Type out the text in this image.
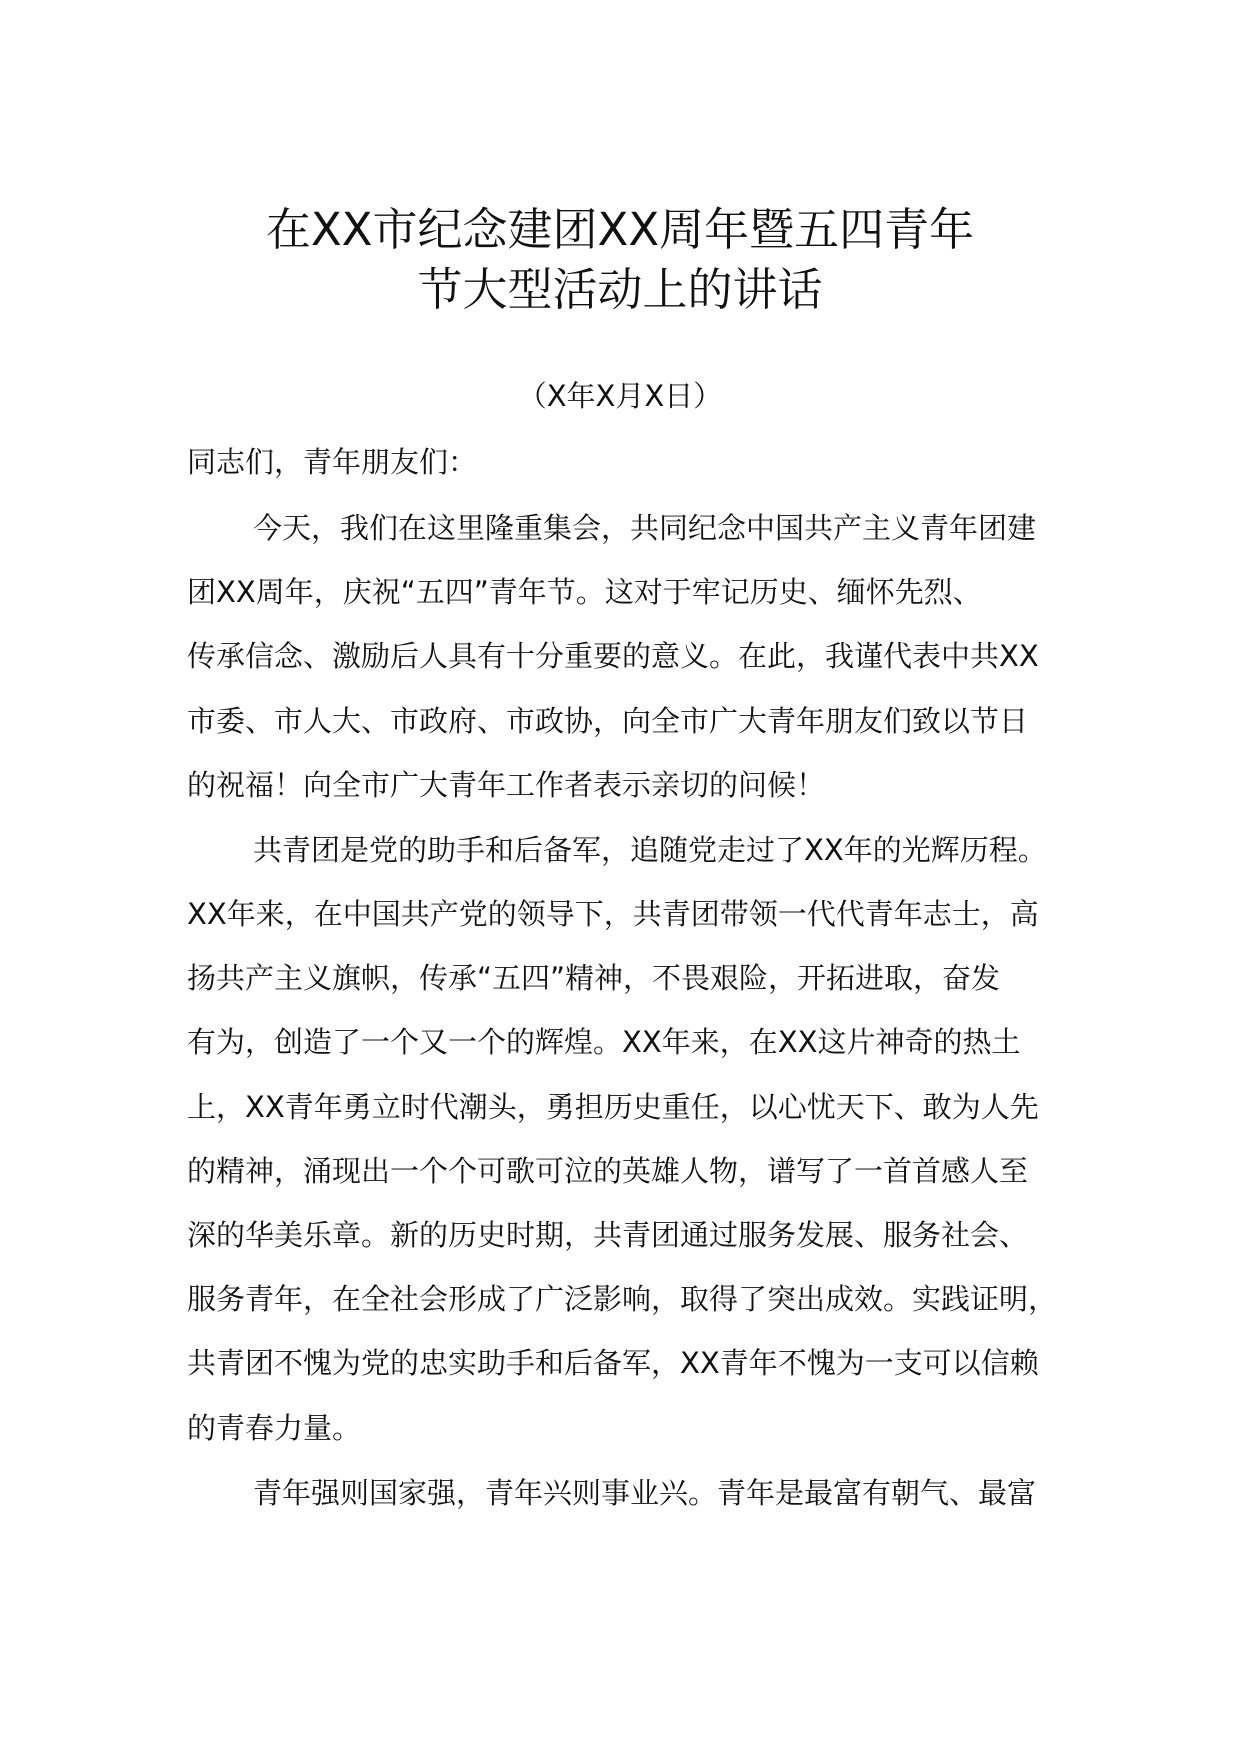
在XX市纪念建团XX周年暨五四青年
节大型活动上的讲话
（X年X月X日）
同志们，青年朋友们：
今天，我们在这里隆重集会，共同纪念中国共产主义青年团建
团XX周年，庆祝“五四”青年节。这对于牢记历史、缅怀先烈、
传承信念、激励后人具有十分重要的意义。在此，我谨代表中共XX
市委、市人大、市政府、市政协，向全市广大青年朋友们致以节日
的祝福！向全市广大青年工作者表示亲切的问候！
共青团是党的助手和后备军，追随党走过了XX年的光辉历程。
XX年来，在中国共产党的领导下，共青团带领一代代青年志士，高
扬共产主义旗帜，传承“五四”精神，不畏艰险，开拓进取，奋发
有为，创造了一个又一个的辉煌。XX年来，在XX这片神奇的热土
上，XX青年勇立时代潮头，勇担历史重任，以心忧天下、敢为人先
的精神，涌现出一个个可歌可泣的英雄人物，谱写了一首首感人至
深的华美乐章。新的历史时期，共青团通过服务发展、服务社会、
服务青年，在全社会形成了广泛影响，取得了突出成效。实践证明，
共青团不愧为党的忠实助手和后备军，XX青年不愧为一支可以信赖
的青春力量。
青年强则国家强，青年兴则事业兴。青年是最富有朝气、最富
